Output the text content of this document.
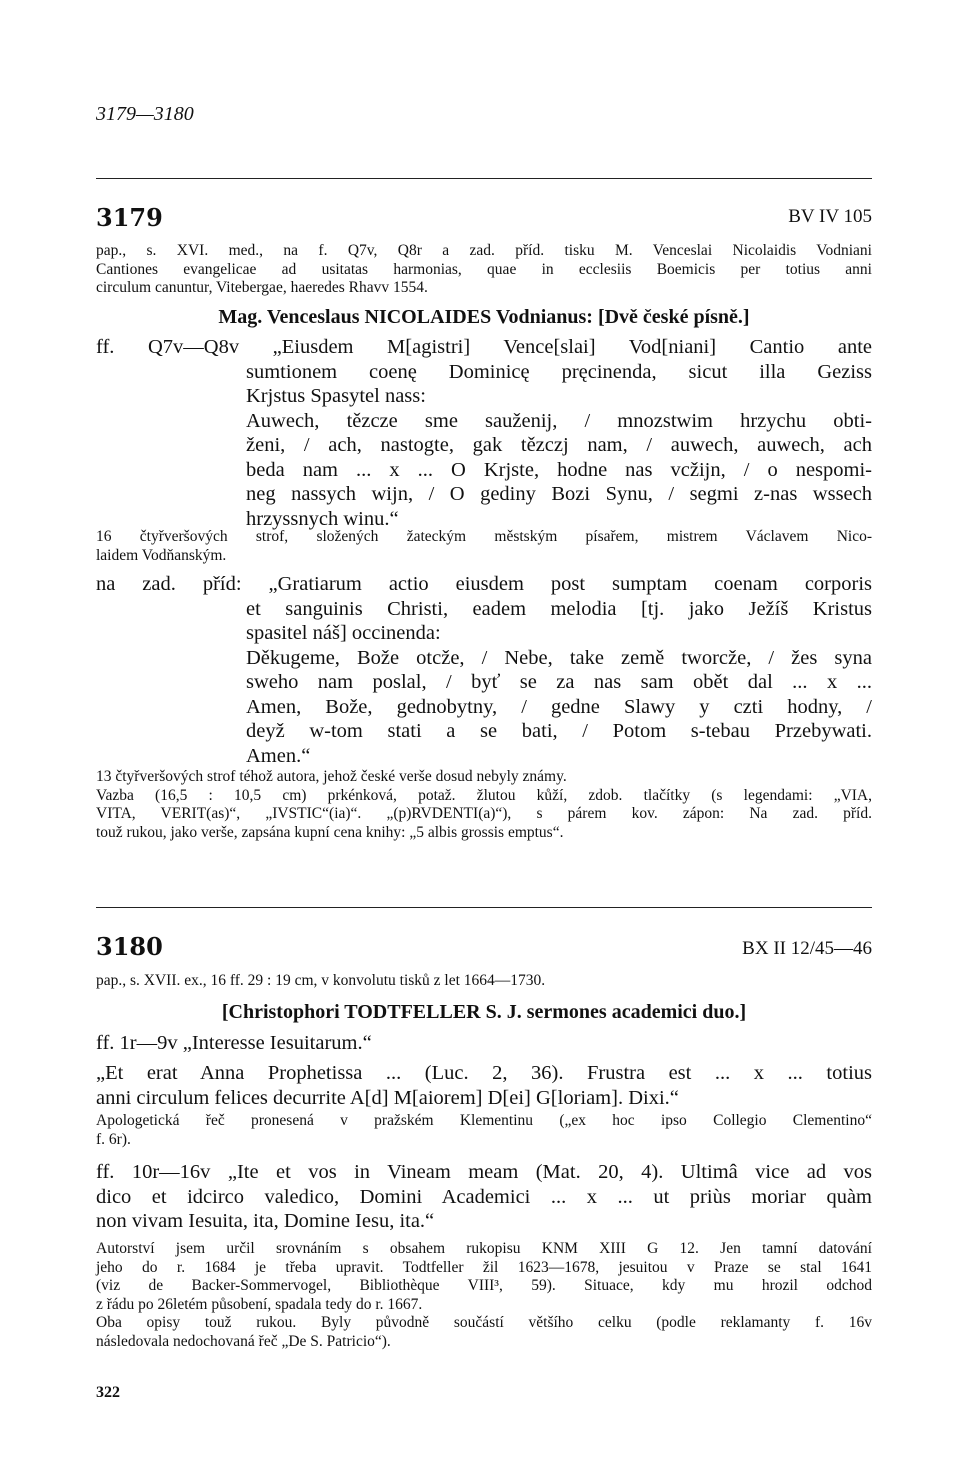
3179—3180
3179	BV IV 105
pap., s. XVI. med., na f. Q7v, Q8r a zad. příd. tisku M. Venceslai Nicolaidis Vodniani
Cantiones evangelicae ad usitatas harmonias, quae in ecclesiis Boemicis per totius anni
circulum canuntur, Vitebergae, haeredes Rhavv 1554.
Mag. Venceslaus NICOLAIDES Vodnianus: [Dvě české písně.]
ff. Q7v—Q8v „Eiusdem M[agistri] Vence[slai] Vod[niani] Cantio ante
sumtionem coenę Dominicę pręcinenda, sicut illa Geziss
Krjstus Spasytel nass:
Auwech, tězcze sme sauženij, / mnozstwim hrzychu obti-
ženi, / ach, nastogte, gak tězczj nam, / auwech, auwech, ach
beda nam ... x ... O Krjste, hodne nas vcžijn, / o nespomi-
neg nassych wijn, / O gediny Bozi Synu, / segmi z-nas wssech
hrzyssnych winu.“
16 čtyřveršových strof, složených žateckým městským písařem, mistrem Václavem Nico-
laidem Vodňanským.
na zad. příd: „Gratiarum actio eiusdem post sumptam coenam corporis
et sanguinis Christi, eadem melodia [tj. jako Ježíš Kristus
spasitel náš] occinenda:
Děkugeme, Bože otcže, / Nebe, take země tworcže, / žes syna
sweho nam poslal, / byť se za nas sam obět dal ... x ...
Amen, Bože, gednobytny, / gedne Slawy y czti hodny, /
deyž w-tom stati a se bati, / Potom s-tebau Przebywati.
Amen.“
13 čtyřveršových strof téhož autora, jehož české verše dosud nebyly známy.
Vazba (16,5 : 10,5 cm) prkénková, potaž. žlutou kůží, zdob. tlačítky (s legendami: „VIA,
VITA, VERIT(as)“, „IVSTIC“(ia)“. „(p)RVDENTI(a)“), s párem kov. zápon: Na zad. příd.
touž rukou, jako verše, zapsána kupní cena knihy: „5 albis grossis emptus“.
3180	BX II 12/45—46
pap., s. XVII. ex., 16 ff. 29 : 19 cm, v konvolutu tisků z let 1664—1730.
[Christophori TODTFELLER S. J. sermones academici duo.]
ff. 1r—9v „Interesse Iesuitarum.“
„Et erat Anna Prophetissa ... (Luc. 2, 36). Frustra est ... x ... totius
anni circulum felices decurrite A[d] M[aiorem] D[ei] G[loriam]. Dixi.“
Apologetická řeč pronesená v pražském Klementinu („ex hoc ipso Collegio Clementino“
f. 6r).
ff. 10r—16v „Ite et vos in Vineam meam (Mat. 20, 4). Ultimâ vice ad vos
dico et idcirco valedico, Domini Academici ... x ... ut priùs moriar quàm
non vivam Iesuita, ita, Domine Iesu, ita.“
Autorství jsem určil srovnáním s obsahem rukopisu KNM XIII G 12. Jen tamní datování
jeho do r. 1684 je třeba upravit. Todtfeller žil 1623—1678, jesuitou v Praze se stal 1641
(viz de Backer-Sommervogel, Bibliothèque VIII³, 59). Situace, kdy mu hrozil odchod
z řádu po 26letém působení, spadala tedy do r. 1667.
Oba opisy touž rukou. Byly původně součástí většího celku (podle reklamanty f. 16v
následovala nedochovaná řeč „De S. Patricio“).
322
